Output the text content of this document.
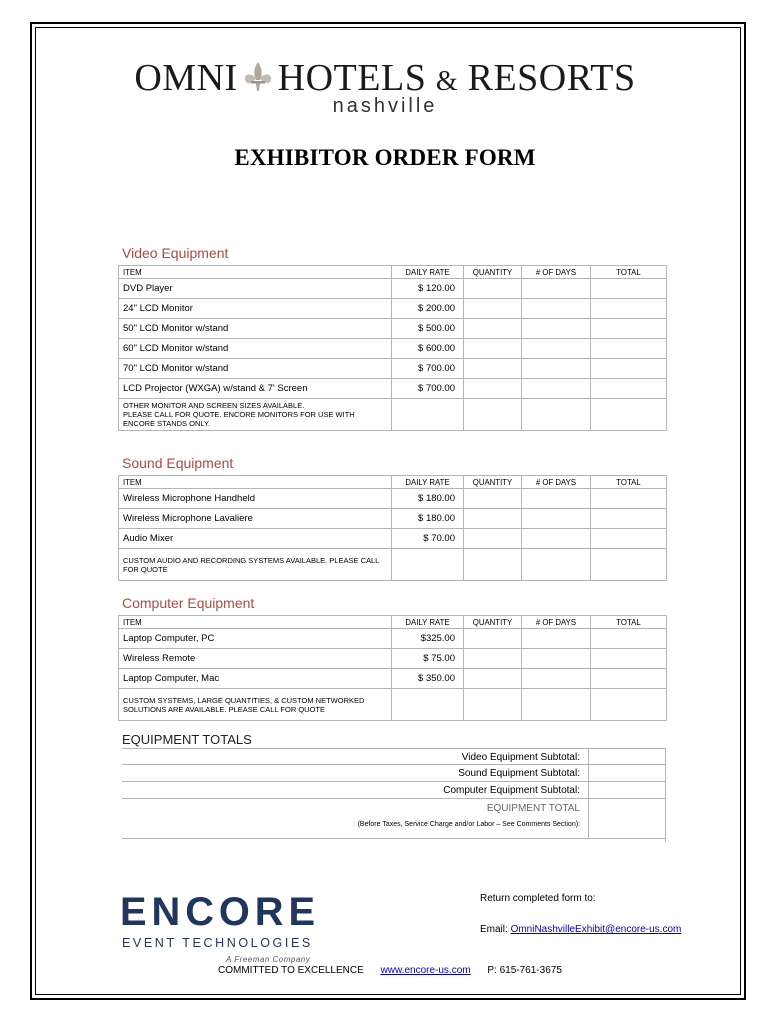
OMNI HOTELS & RESORTS
nashville
EXHIBITOR ORDER FORM
Video Equipment
ITEM	DAILY RATE	QUANTITY	# OF DAYS	TOTAL
DVD Player	$ 120.00			
24" LCD Monitor	$ 200.00			
50" LCD Monitor w/stand	$ 500.00			
60" LCD Monitor w/stand	$ 600.00			
70" LCD Monitor w/stand	$ 700.00			
LCD Projector (WXGA) w/stand & 7' Screen	$ 700.00			

OTHER MONITOR AND SCREEN SIZES AVAILABLE.
PLEASE CALL FOR QUOTE. ENCORE MONITORS FOR USE WITH
ENCORE STANDS ONLY.				

Sound Equipment
ITEM	DAILY RATE	QUANTITY	# OF DAYS	TOTAL
Wireless Microphone Handheld	$ 180.00			
Wireless Microphone Lavaliere	$ 180.00			
Audio Mixer	$ 70.00			

CUSTOM AUDIO AND RECORDING SYSTEMS AVAILABLE. PLEASE CALL
FOR QUOTE				

Computer Equipment
ITEM	DAILY RATE	QUANTITY	# OF DAYS	TOTAL
Laptop Computer, PC	$325.00			
Wireless Remote	$ 75.00			
Laptop Computer, Mac	$ 350.00			

CUSTOM SYSTEMS, LARGE QUANTITIES, & CUSTOM NETWORKED
SOLUTIONS ARE AVAILABLE. PLEASE CALL FOR QUOTE				

EQUIPMENT TOTALS
Video Equipment Subtotal:
Sound Equipment Subtotal:
Computer Equipment Subtotal:
EQUIPMENT TOTAL
(Before Taxes, Service Charge and/or Labor – See Comments Section):
ENCORE
EVENT TECHNOLOGIES
A Freeman Company
Return completed form to:
Email: OmniNashvilleExhibit@encore-us.com
COMMITTED TO EXCELLENCE www.encore-us.com P: 615-761-3675
